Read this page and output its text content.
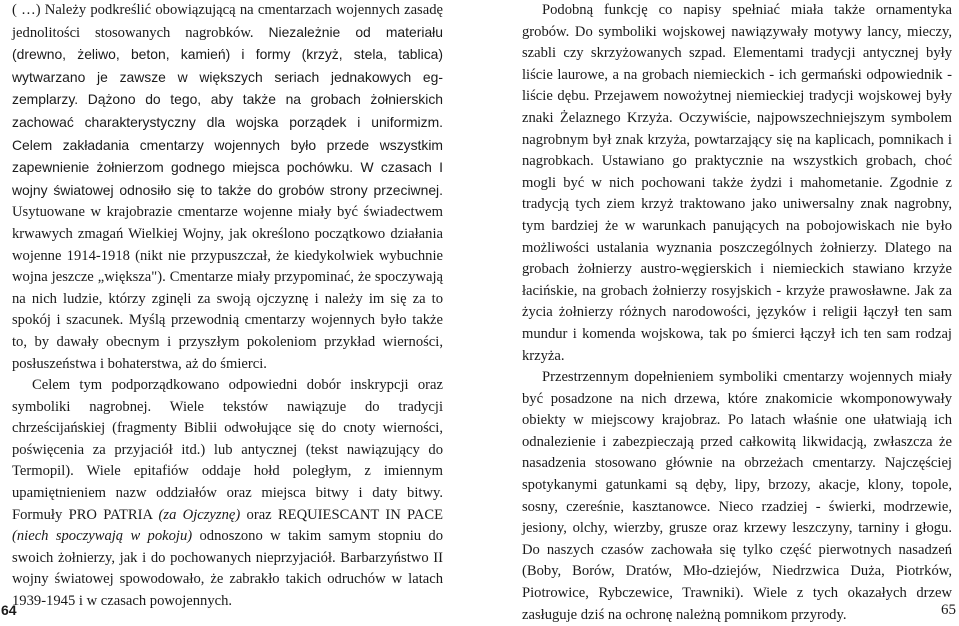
( …) Należy podkreślić obowiązującą na cmentarzach wojennych zasadę jednolitości stosowanych nagrobków. Niezależnie od materiału (drewno, żeliwo, beton, kamień) i formy (krzyż, stela, tablica) wytwarzano je zawsze w większych seriach jednakowych eg-zemplarzy. Dążono do tego, aby także na grobach żołnierskich zachować charakterystyczny dla wojska porządek i uniformizm. Celem zakładania cmentarzy wojennych było przede wszystkim zapewnienie żołnierzom godnego miejsca pochówku. W czasach I wojny światowej odnosiło się to także do grobów strony przeciwnej. Usytuowane w krajobrazie cmentarze wojenne miały być świadectwem krwawych zmagań Wielkiej Wojny, jak określono początkowo działania wojenne 1914-1918 (nikt nie przypuszczał, że kiedykolwiek wybuchnie wojna jeszcze „większa"). Cmentarze miały przypominać, że spoczywają na nich ludzie, którzy zginęli za swoją ojczyznę i należy im się za to spokój i szacunek. Myślą przewodnią cmentarzy wojennych było także to, by dawały obecnym i przyszłym pokoleniom przykład wierności, posłuszeństwa i bohaterstwa, aż do śmierci.

Celem tym podporządkowano odpowiedni dobór inskrypcji oraz symboliki nagrobnej. Wiele tekstów nawiązuje do tradycji chrześcijańskiej (fragmenty Biblii odwołujące się do cnoty wierności, poświęcenia za przyjaciół itd.) lub antycznej (tekst nawiązujący do Termopil). Wiele epitafiów oddaje hołd poległym, z imiennym upamiętnieniem nazw oddziałów oraz miejsca bitwy i daty bitwy. Formuły PRO PATRIA (za Ojczyznę) oraz REQUIESCANT IN PACE (niech spoczywają w pokoju) odnoszono w takim samym stopniu do swoich żołnierzy, jak i do pochowanych nieprzyjaciół. Barbarzyństwo II wojny światowej spowodowało, że zabrakło takich odruchów w latach 1939-1945 i w czasach powojennych.

Podobną funkcję co napisy spełniać miała także ornamentyka grobów. Do symboliki wojskowej nawiązywały motywy lancy, mieczy, szabli czy skrzyżowanych szpad. Elementami tradycji antycznej były liście laurowe, a na grobach niemieckich - ich germański odpowiednik - liście dębu. Przejawem nowożytnej niemieckiej tradycji wojskowej były znaki Żelaznego Krzyża. Oczywiście, najpowszechniejszym symbolem nagrobnym był znak krzyża, powtarzający się na kaplicach, pomnikach i nagrobkach. Ustawiano go praktycznie na wszystkich grobach, choć mogli być w nich pochowani także żydzi i mahometanie. Zgodnie z tradycją tych ziem krzyż traktowano jako uniwersalny znak nagrobny, tym bardziej że w warunkach panujących na pobojowiskach nie było możliwości ustalania wyznania poszczególnych żołnierzy. Dlatego na grobach żołnierzy austro-węgierskich i niemieckich stawiano krzyże łacińskie, na grobach żołnierzy rosyjskich - krzyże prawosławne. Jak za życia żołnierzy różnych narodowości, języków i religii łączył ten sam mundur i komenda wojskowa, tak po śmierci łączył ich ten sam rodzaj krzyża.

Przestrzennym dopełnieniem symboliki cmentarzy wojennych miały być posadzone na nich drzewa, które znakomicie wkomponowywały obiekty w miejscowy krajobraz. Po latach właśnie one ułatwiają ich odnalezienie i zabezpieczają przed całkowitą likwidacją, zwłaszcza że nasadzenia stosowano głównie na obrzeżach cmentarzy. Najczęściej spotykanymi gatunkami są dęby, lipy, brzozy, akacje, klony, topole, sosny, czereśnie, kasztanowce. Nieco rzadziej - świerki, modrzewie, jesiony, olchy, wierzby, grusze oraz krzewy leszczyny, tarniny i głogu. Do naszych czasów zachowała się tylko część pierwotnych nasadzeń (Boby, Borów, Dratów, Mło-dziejów, Niedrzwica Duża, Piotrków, Piotrowice, Rybczewice, Trawniki). Wiele z tych okazałych drzew zasługuje dziś na ochronę należną pomnikom przyrody.

64	65
